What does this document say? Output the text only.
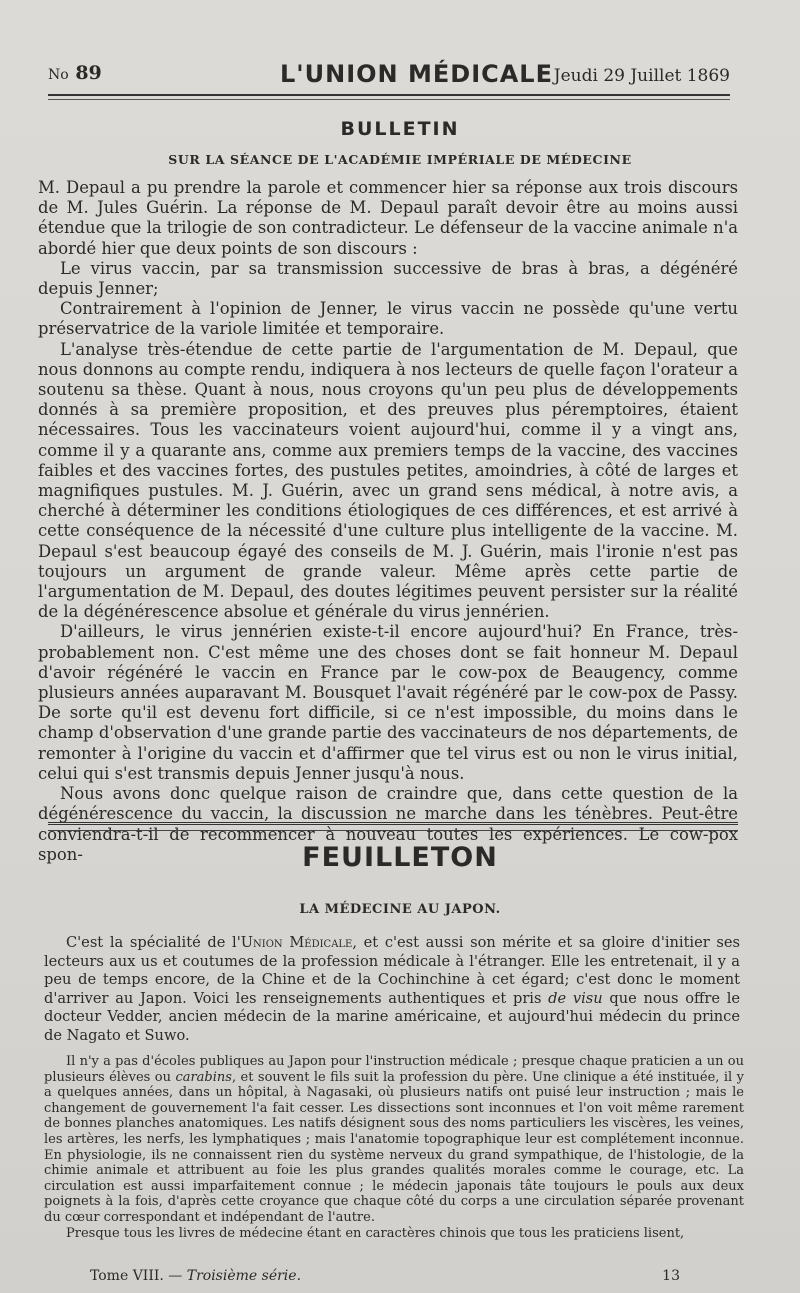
No 89	L'UNION MÉDICALE Jeudi 29 Juillet 1869
BULLETIN
SUR LA SÉANCE DE L'ACADÉMIE IMPÉRIALE DE MÉDECINE

M. Depaul a pu prendre la parole et commencer hier sa réponse aux trois discours de M. Jules Guérin. La réponse de M. Depaul paraît devoir être au moins aussi étendue que la trilogie de son contradicteur. Le défenseur de la vaccine animale n'a abordé hier que deux points de son discours :

Le virus vaccin, par sa transmission successive de bras à bras, a dégénéré depuis Jenner;

Contrairement à l'opinion de Jenner, le virus vaccin ne possède qu'une vertu préservatrice de la variole limitée et temporaire.

L'analyse très-étendue de cette partie de l'argumentation de M. Depaul, que nous donnons au compte rendu, indiquera à nos lecteurs de quelle façon l'orateur a soutenu sa thèse. Quant à nous, nous croyons qu'un peu plus de développements donnés à sa première proposition, et des preuves plus péremptoires, étaient nécessaires. Tous les vaccinateurs voient aujourd'hui, comme il y a vingt ans, comme il y a quarante ans, comme aux premiers temps de la vaccine, des vaccines faibles et des vaccines fortes, des pustules petites, amoindries, à côté de larges et magnifiques pustules. M. J. Guérin, avec un grand sens médical, à notre avis, a cherché à déterminer les conditions étiologiques de ces différences, et est arrivé à cette conséquence de la nécessité d'une culture plus intelligente de la vaccine. M. Depaul s'est beaucoup égayé des conseils de M. J. Guérin, mais l'ironie n'est pas toujours un argument de grande valeur. Même après cette partie de l'argumentation de M. Depaul, des doutes légitimes peuvent persister sur la réalité de la dégénérescence absolue et générale du virus jennérien.

D'ailleurs, le virus jennérien existe-t-il encore aujourd'hui? En France, très-probablement non. C'est même une des choses dont se fait honneur M. Depaul d'avoir régénéré le vaccin en France par le cow-pox de Beaugency, comme plusieurs années auparavant M. Bousquet l'avait régénéré par le cow-pox de Passy. De sorte qu'il est devenu fort difficile, si ce n'est impossible, du moins dans le champ d'observation d'une grande partie des vaccinateurs de nos départements, de remonter à l'origine du vaccin et d'affirmer que tel virus est ou non le virus initial, celui qui s'est transmis depuis Jenner jusqu'à nous.

Nous avons donc quelque raison de craindre que, dans cette question de la dégénérescence du vaccin, la discussion ne marche dans les ténèbres. Peut-être conviendra-t-il de recommencer à nouveau toutes les expériences. Le cow-pox spon-	FEUILLETON
LA MÉDECINE AU JAPON.

C'est la spécialité de l'Union Médicale, et c'est aussi son mérite et sa gloire d'initier ses lecteurs aux us et coutumes de la profession médicale à l'étranger. Elle les entretenait, il y a peu de temps encore, de la Chine et de la Cochinchine à cet égard; c'est donc le moment d'arriver au Japon. Voici les renseignements authentiques et pris de visu que nous offre le docteur Vedder, ancien médecin de la marine américaine, et aujourd'hui médecin du prince de Nagato et Suwo.

Il n'y a pas d'écoles publiques au Japon pour l'instruction médicale ; presque chaque praticien a un ou plusieurs élèves ou carabins, et souvent le fils suit la profession du père. Une clinique a été instituée, il y a quelques années, dans un hôpital, à Nagasaki, où plusieurs natifs ont puisé leur instruction ; mais le changement de gouvernement l'a fait cesser. Les dissections sont inconnues et l'on voit même rarement de bonnes planches anatomiques. Les natifs désignent sous des noms particuliers les viscères, les veines, les artères, les nerfs, les lymphatiques ; mais l'anatomie topographique leur est complétement inconnue. En physiologie, ils ne connaissent rien du système nerveux du grand sympathique, de l'histologie, de la chimie animale et attribuent au foie les plus grandes qualités morales comme le courage, etc. La circulation est aussi imparfaitement connue ; le médecin japonais tâte toujours le pouls aux deux poignets à la fois, d'après cette croyance que chaque côté du corps a une circulation séparée provenant du cœur correspondant et indépendant de l'autre.

Presque tous les livres de médecine étant en caractères chinois que tous les praticiens lisent,

Tome VIII. — Troisième série.	13
